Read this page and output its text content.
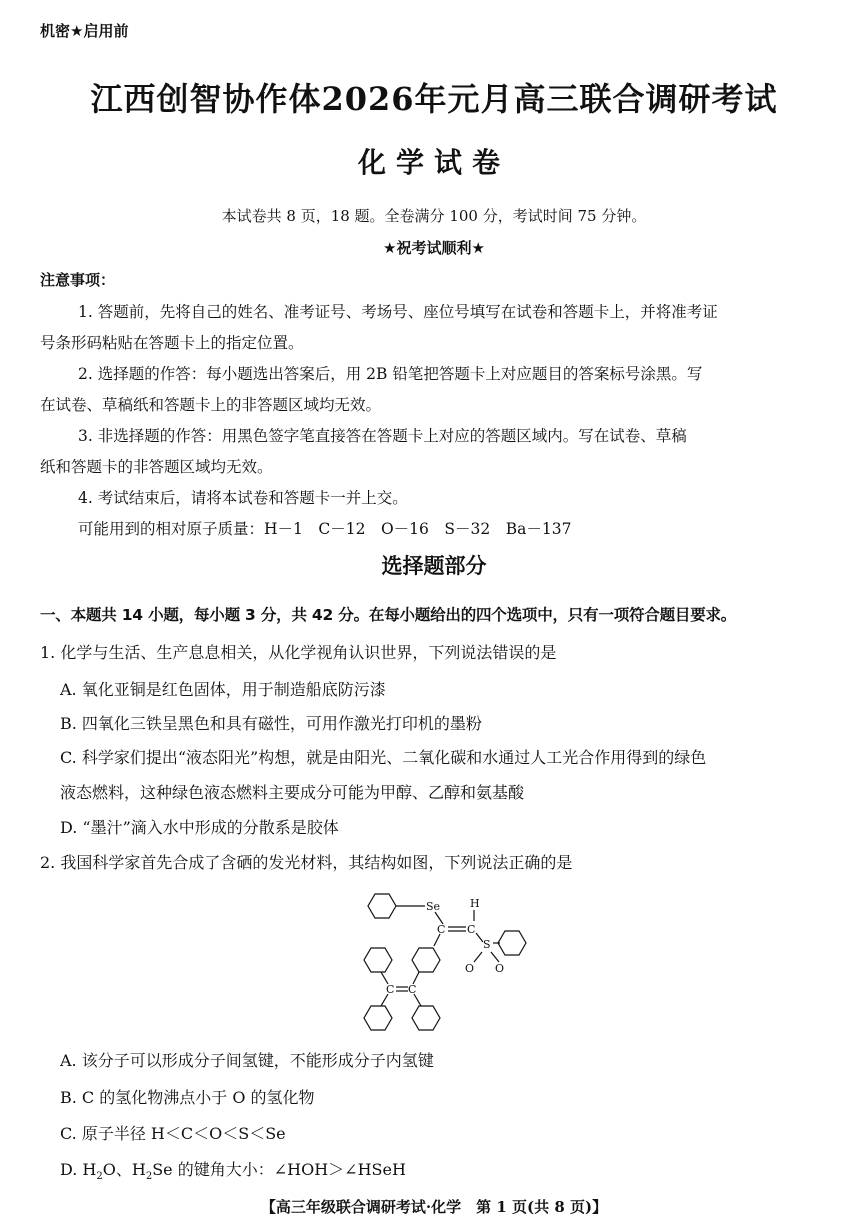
机密★启用前
江西创智协作体2026年元月高三联合调研考试
化学试卷
本试卷共 8 页，18 题。全卷满分 100 分，考试时间 75 分钟。
★祝考试顺利★
注意事项：
1. 答题前，先将自己的姓名、准考证号、考场号、座位号填写在试卷和答题卡上，并将准考证
号条形码粘贴在答题卡上的指定位置。
2. 选择题的作答：每小题选出答案后，用 2B 铅笔把答题卡上对应题目的答案标号涂黑。写
在试卷、草稿纸和答题卡上的非答题区域均无效。
3. 非选择题的作答：用黑色签字笔直接答在答题卡上对应的答题区域内。写在试卷、草稿
纸和答题卡的非答题区域均无效。
4. 考试结束后，请将本试卷和答题卡一并上交。
可能用到的相对原子质量：H－1　C－12　O－16　S－32　Ba－137
选择题部分
一、本题共 14 小题，每小题 3 分，共 42 分。在每小题给出的四个选项中，只有一项符合题目要求。
1. 化学与生活、生产息息相关，从化学视角认识世界，下列说法错误的是
A. 氧化亚铜是红色固体，用于制造船底防污漆
B. 四氧化三铁呈黑色和具有磁性，可用作激光打印机的墨粉
C. 科学家们提出“液态阳光”构想，就是由阳光、二氧化碳和水通过人工光合作用得到的绿色
液态燃料，这种绿色液态燃料主要成分可能为甲醇、乙醇和氨基酸
D. “墨汁”滴入水中形成的分散系是胶体
2. 我国科学家首先合成了含硒的发光材料，其结构如图，下列说法正确的是
Se	H
C C
S
O O
C C
A. 该分子可以形成分子间氢键，不能形成分子内氢键
B. C 的氢化物沸点小于 O 的氢化物
C. 原子半径 H＜C＜O＜S＜Se
D. $H_2O$、$H_2Se$ 的键角大小：∠HOH＞∠HSeH
【高三年级联合调研考试·化学　第 1 页(共 8 页)】
